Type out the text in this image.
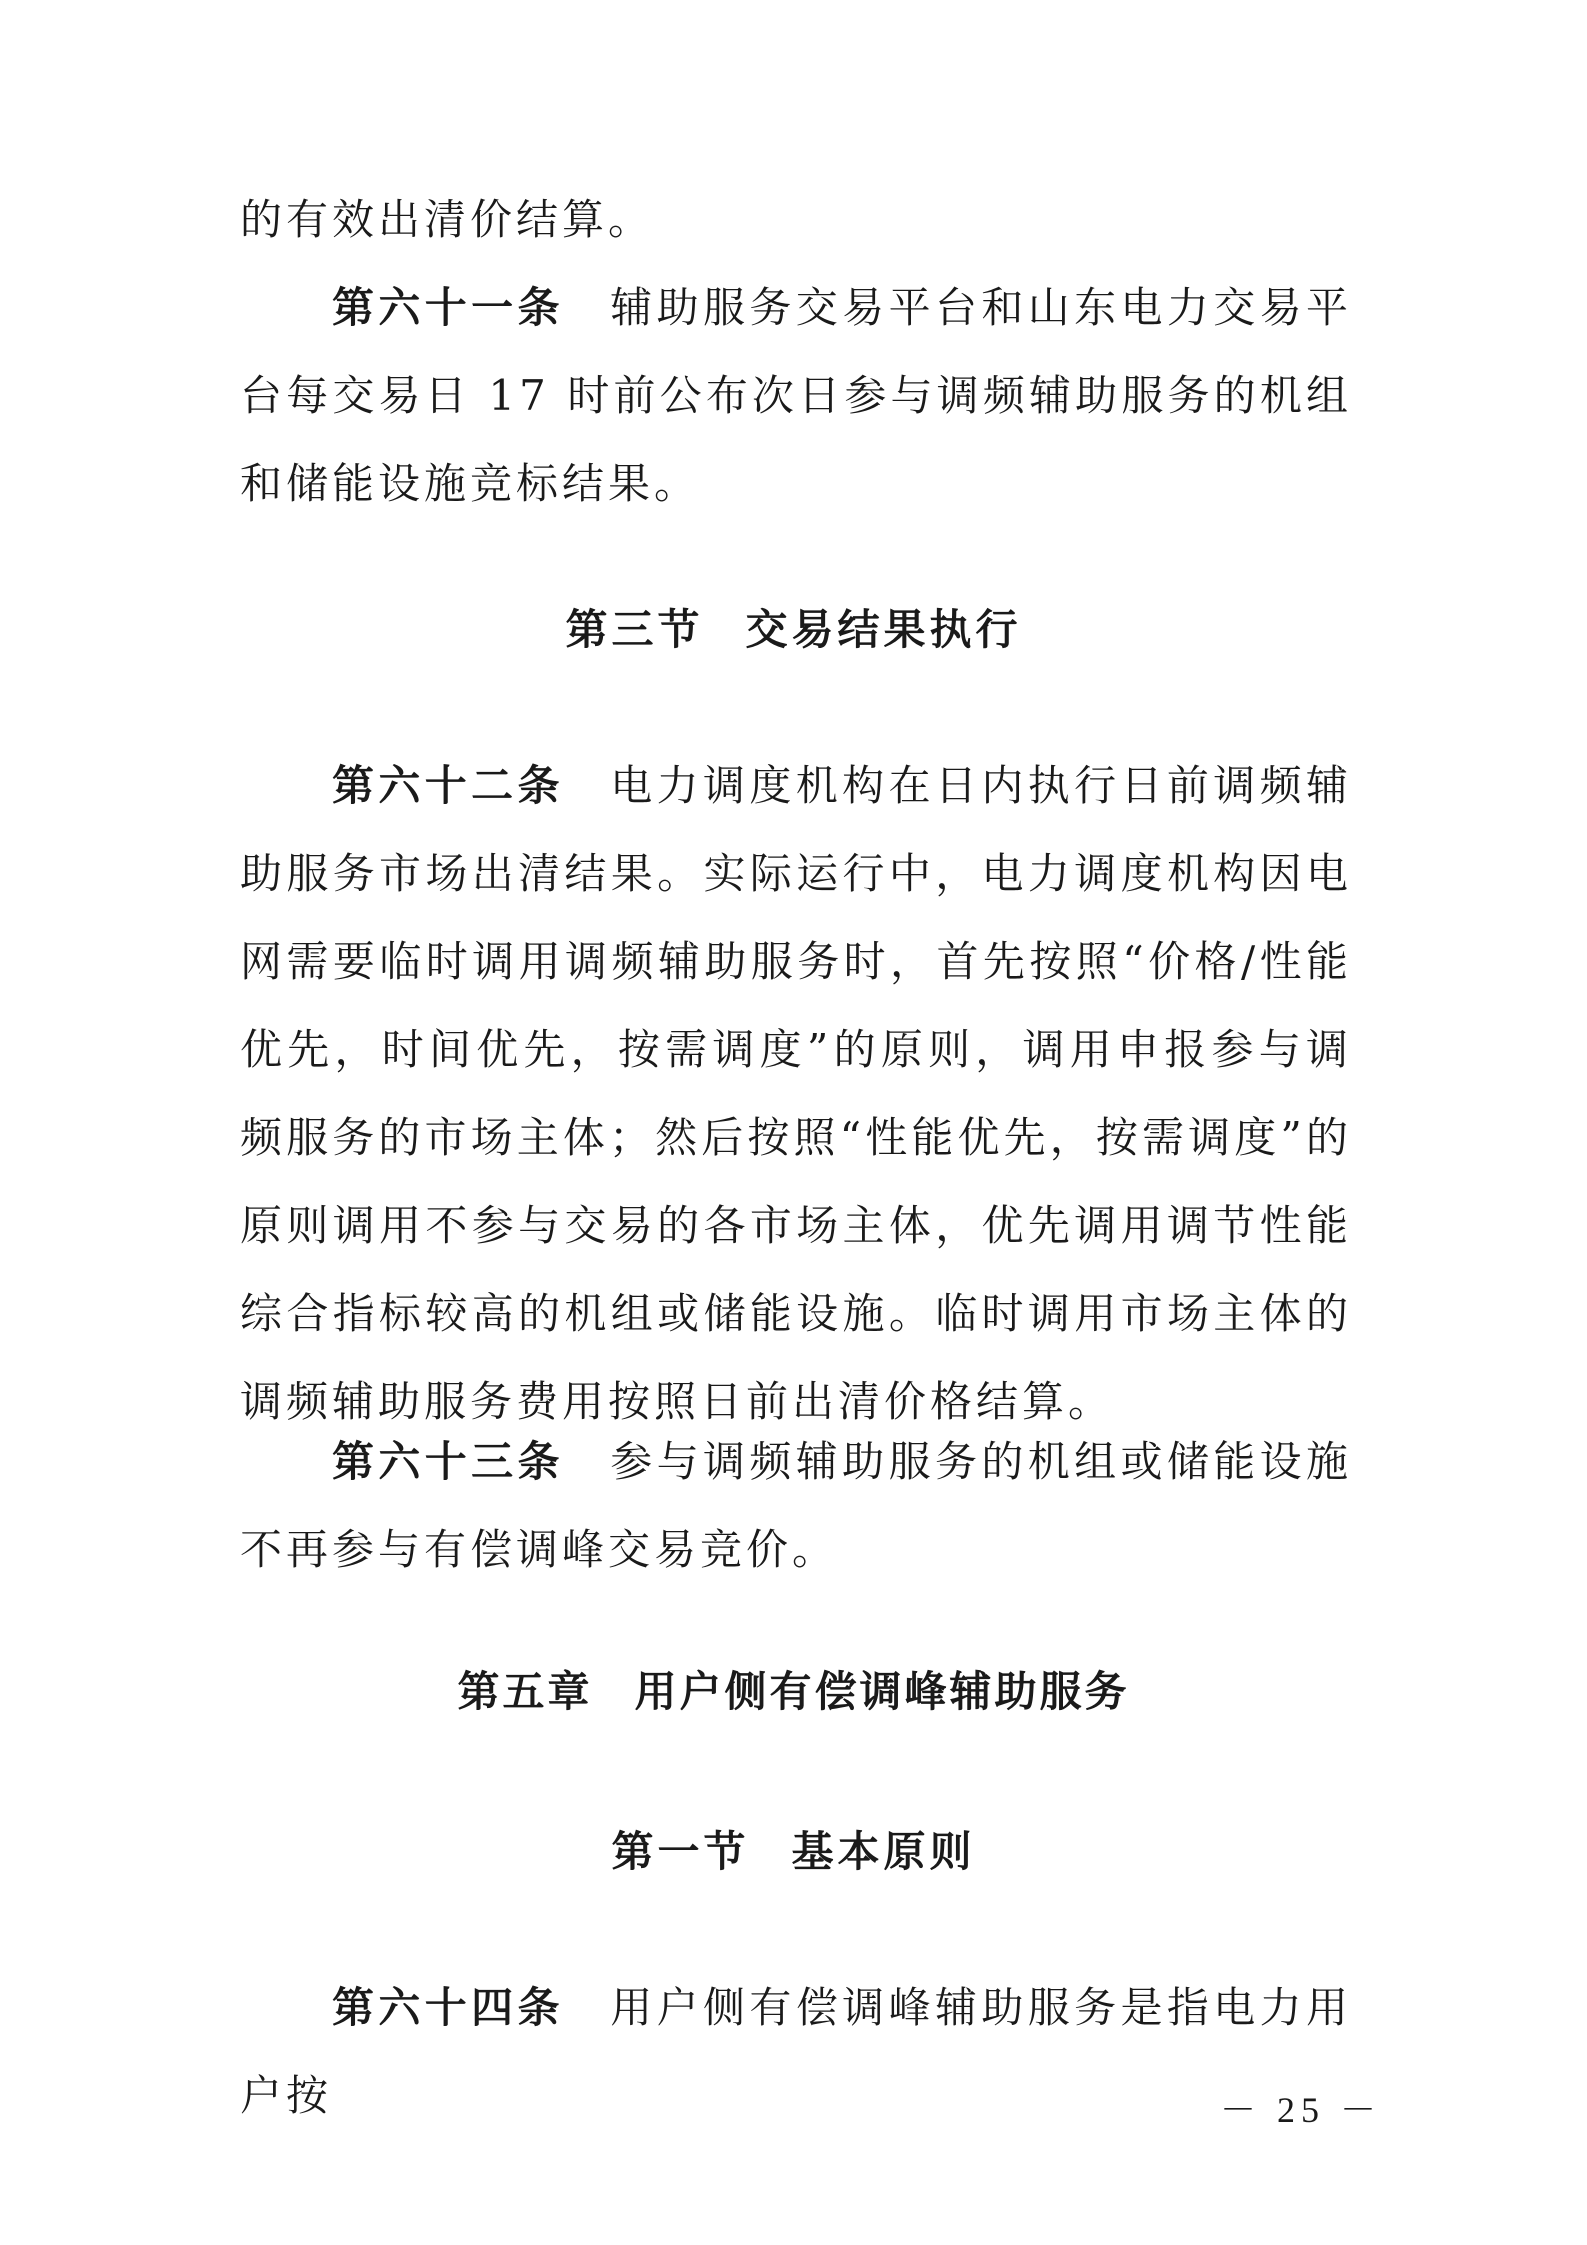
的有效出清价结算。

第六十一条 辅助服务交易平台和山东电力交易平台每交易日 17 时前公布次日参与调频辅助服务的机组和储能设施竞标结果。

第三节 交易结果执行

第六十二条 电力调度机构在日内执行日前调频辅助服务市场出清结果。实际运行中，电力调度机构因电网需要临时调用调频辅助服务时，首先按照“价格/性能优先，时间优先，按需调度”的原则，调用申报参与调频服务的市场主体；然后按照“性能优先，按需调度”的原则调用不参与交易的各市场主体，优先调用调节性能综合指标较高的机组或储能设施。临时调用市场主体的调频辅助服务费用按照日前出清价格结算。

第六十三条 参与调频辅助服务的机组或储能设施不再参与有偿调峰交易竞价。

第五章 用户侧有偿调峰辅助服务
第一节 基本原则

第六十四条 用户侧有偿调峰辅助服务是指电力用户按	－ 25 －
